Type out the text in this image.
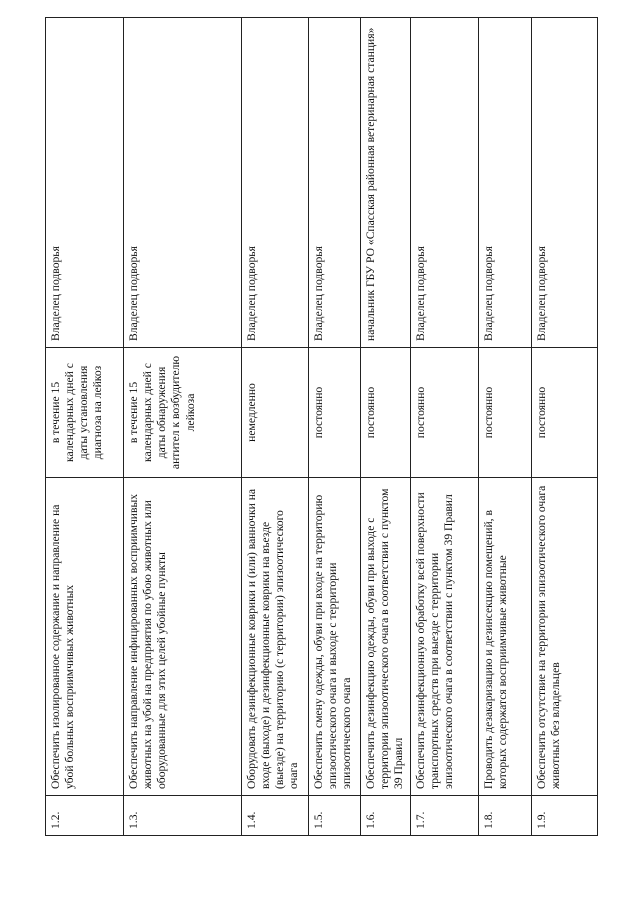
1.2.	Обеспечить изолированное содержание и направление на убой больных восприимчивых животных	в течение 15 календарных дней с даты установления диагноза на лейкоз	Владелец подворья
1.3.	Обеспечить направление инфицированных восприимчивых животных на убой на предприятия по убою животных или оборудованные для этих целей убойные пункты	в течение 15 календарных дней с даты обнаружения антител к возбудителю лейкоза	Владелец подворья
1.4.	Оборудовать дезинфекционные коврики и (или) ванночки на входе (выходе) и дезинфекционные коврики на въезде (выезде) на территорию (с территории) эпизоотического очага	немедленно	Владелец подворья
1.5.	Обеспечить смену одежды, обуви при входе на территорию эпизоотического очага и выходе с территории эпизоотического очага	постоянно	Владелец подворья
1.6.	Обеспечить дезинфекцию одежды, обуви при выходе с территории эпизоотического очага в соответствии с пунктом 39 Правил	постоянно	начальник ГБУ РО «Спасская районная ветеринарная станция»
1.7.	Обеспечить дезинфекционную обработку всей поверхности транспортных средств при выезде с территории эпизоотического очага в соответствии с пунктом 39 Правил	постоянно	Владелец подворья
1.8.	Проводить дезакаризацию и дезинсекцию помещений, в которых содержатся восприимчивые животные	постоянно	Владелец подворья
1.9.	Обеспечить отсутствие на территории эпизоотического очага животных без владельцев	постоянно	Владелец подворья
